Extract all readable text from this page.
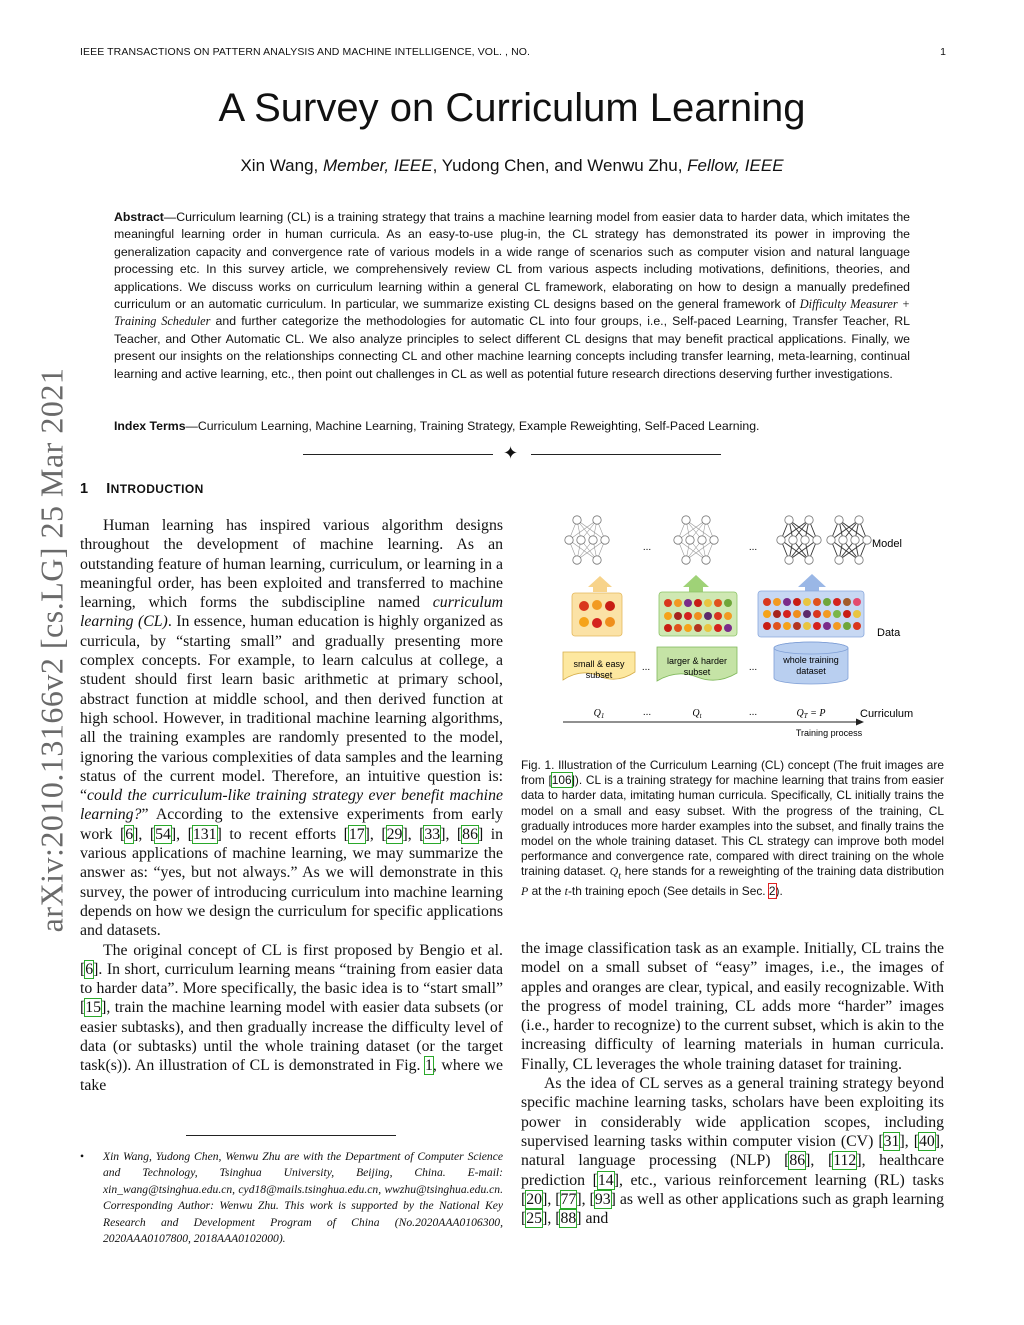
IEEE TRANSACTIONS ON PATTERN ANALYSIS AND MACHINE INTELLIGENCE, VOL. , NO.	1
A Survey on Curriculum Learning
Xin Wang, Member, IEEE, Yudong Chen, and Wenwu Zhu, Fellow, IEEE
Abstract—Curriculum learning (CL) is a training strategy that trains a machine learning model from easier data to harder data, which imitates the meaningful learning order in human curricula. As an easy-to-use plug-in, the CL strategy has demonstrated its power in improving the generalization capacity and convergence rate of various models in a wide range of scenarios such as computer vision and natural language processing etc. In this survey article, we comprehensively review CL from various aspects including motivations, definitions, theories, and applications. We discuss works on curriculum learning within a general CL framework, elaborating on how to design a manually predefined curriculum or an automatic curriculum. In particular, we summarize existing CL designs based on the general framework of Difficulty Measurer + Training Scheduler and further categorize the methodologies for automatic CL into four groups, i.e., Self-paced Learning, Transfer Teacher, RL Teacher, and Other Automatic CL. We also analyze principles to select different CL designs that may benefit practical applications. Finally, we present our insights on the relationships connecting CL and other machine learning concepts including transfer learning, meta-learning, continual learning and active learning, etc., then point out challenges in CL as well as potential future research directions deserving further investigations.
Index Terms—Curriculum Learning, Machine Learning, Training Strategy, Example Reweighting, Self-Paced Learning.
✦
arXiv:2010.13166v2 [cs.LG] 25 Mar 2021 1 INTRODUCTION

Human learning has inspired various algorithm designs throughout the development of machine learning. As an outstanding feature of human learning, curriculum, or learning in a meaningful order, has been exploited and transferred to machine learning, which forms the subdiscipline named curriculum learning (CL). In essence, human education is highly organized as curricula, by “starting small” and gradually presenting more complex concepts. For example, to learn calculus at college, a student should first learn basic arithmetic at primary school, abstract function at middle school, and then derived function at high school. However, in traditional machine learning algorithms, all the training examples are randomly presented to the model, ignoring the various complexities of data samples and the learning status of the current model. Therefore, an intuitive question is: “could the curriculum-like training strategy ever benefit machine learning?” According to the extensive experiments from early work [6], [54], [131] to recent efforts [17], [29], [33], [86] in various applications of machine learning, we may summarize the answer as: “yes, but not always.” As we will demonstrate in this survey, the power of introducing curriculum into machine learning depends on how we design the curriculum for specific applications and datasets.

The original concept of CL is first proposed by Bengio et al. [6]. In short, curriculum learning means “training from easier data to harder data”. More specifically, the basic idea is to “start small” [15], train the machine learning model with easier data subsets (or easier subtasks), and then gradually increase the difficulty level of data (or subtasks) until the whole training dataset (or the target task(s)). An illustration of CL is demonstrated in Fig. 1, where we take

• Xin Wang, Yudong Chen, Wenwu Zhu are with the Department of Computer Science and Technology, Tsinghua University, Beijing, China. E-mail: xin_wang@tsinghua.edu.cn, cyd18@mails.tsinghua.edu.cn, wwzhu@tsinghua.edu.cn. Corresponding Author: Wenwu Zhu. This work is supported by the National Key Research and Development Program of China (No.2020AAA0106300, 2020AAA0107800, 2018AAA0102000).
small & easy
subset
larger & harder
subset
whole training
dataset
...	...
...	...
...	...
$Q_1$	$Q_t$	$Q_T = P$
Training process
Model
Data
Curriculum
Fig. 1. Illustration of the Curriculum Learning (CL) concept (The fruit images are from [106]). CL is a training strategy for machine learning that trains from easier data to harder data, imitating human curricula. Specifically, CL initially trains the model on a small and easy subset. With the progress of the training, CL gradually introduces more harder examples into the subset, and finally trains the model on the whole training dataset. This CL strategy can improve both model performance and convergence rate, compared with direct training on the whole training dataset. $Q_t$ here stands for a reweighting of the training data distribution P at the t-th training epoch (See details in Sec. 2).

the image classification task as an example. Initially, CL trains the model on a small subset of “easy” images, i.e., the images of apples and oranges are clear, typical, and easily recognizable. With the progress of model training, CL adds more “harder” images (i.e., harder to recognize) to the current subset, which is akin to the increasing difficulty of learning materials in human curricula. Finally, CL leverages the whole training dataset for training.

As the idea of CL serves as a general training strategy beyond specific machine learning tasks, scholars have been exploiting its power in considerably wide application scopes, including supervised learning tasks within computer vision (CV) [31], [40], natural language processing (NLP) [86], [112], healthcare prediction [14], etc., various reinforcement learning (RL) tasks [20], [77], [93] as well as other applications such as graph learning [25], [88] and
